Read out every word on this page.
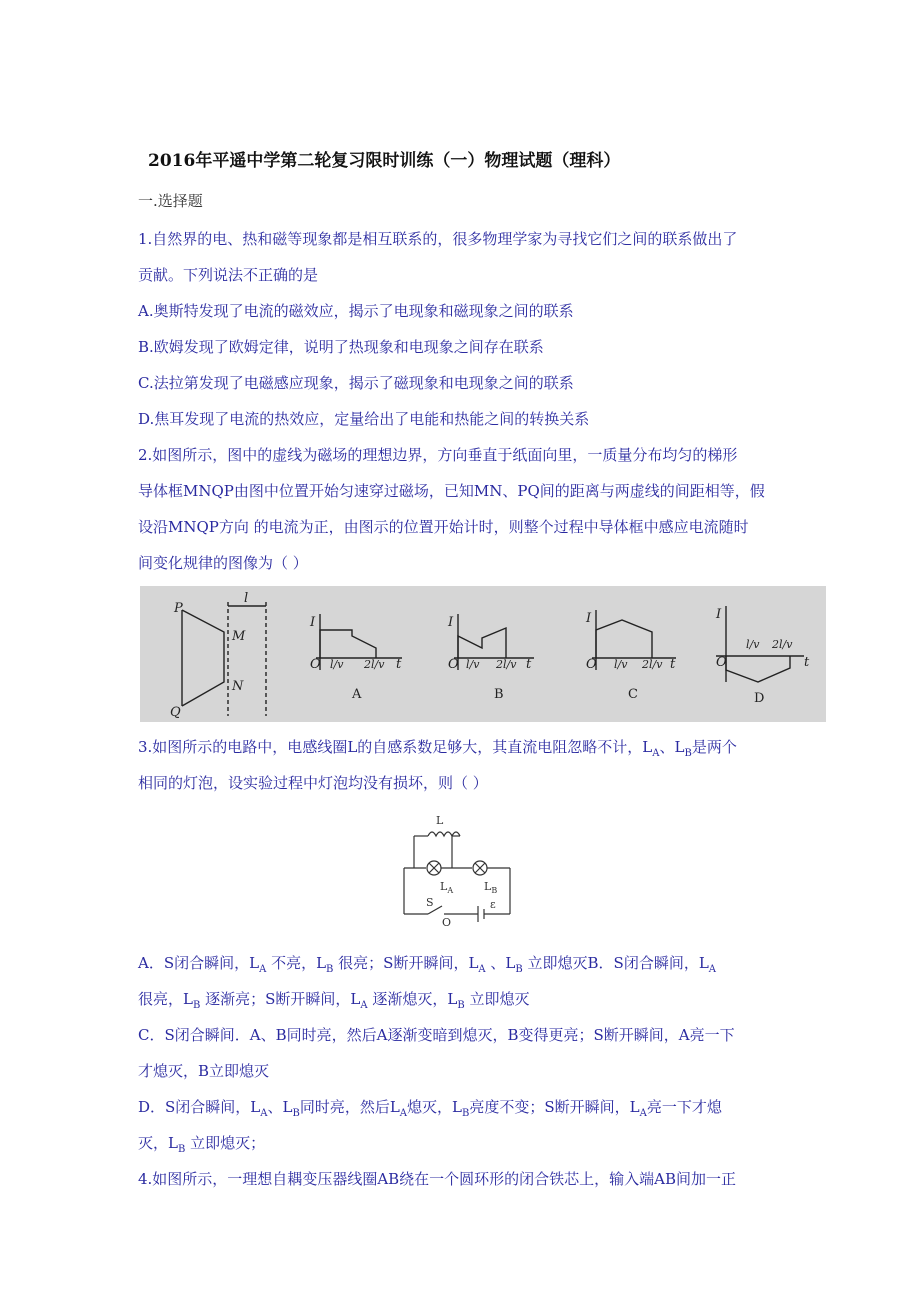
2016年平遥中学第二轮复习限时训练（一）物理试题（理科）
一.选择题
1.自然界的电、热和磁等现象都是相互联系的，很多物理学家为寻找它们之间的联系做出了
贡献。下列说法不正确的是
A.奥斯特发现了电流的磁效应，揭示了电现象和磁现象之间的联系
B.欧姆发现了欧姆定律，说明了热现象和电现象之间存在联系
C.法拉第发现了电磁感应现象，揭示了磁现象和电现象之间的联系
D.焦耳发现了电流的热效应，定量给出了电能和热能之间的转换关系
2.如图所示，图中的虚线为磁场的理想边界，方向垂直于纸面向里，一质量分布均匀的梯形
导体框MNQP由图中位置开始匀速穿过磁场，已知MN、PQ间的距离与两虚线的间距相等，假
设沿MNQP方向 的电流为正，由图示的位置开始计时，则整个过程中导体框中感应电流随时
间变化规律的图像为（ ）
P
Q
M
N
l
I
O l/v 2l/v t
A
I
O l/v 2l/v t
B
I
O l/v 2l/v t
C
I
O
l/v 2l/v
t
D
3.如图所示的电路中，电感线圈L的自感系数足够大，其直流电阻忽略不计，$L_A$、$L_B$是两个
相同的灯泡，设实验过程中灯泡均没有损坏，则（ ）
L
$L_A$	$L_B$
S
O
ε
A．S闭合瞬间，$L_A$ 不亮，$L_B$ 很亮；S断开瞬间，$L_A$ 、$L_B$ 立即熄灭B．S闭合瞬间，$L_A$
很亮，$L_B$ 逐渐亮；S断开瞬间，$L_A$ 逐渐熄灭，$L_B$ 立即熄灭
C．S闭合瞬间．A、B同时亮，然后A逐渐变暗到熄灭，B变得更亮；S断开瞬间，A亮一下
才熄灭，B立即熄灭
D．S闭合瞬间，$L_A$、$L_B$同时亮，然后$L_A$熄灭，$L_B$亮度不变；S断开瞬间，$L_A$亮一下才熄
灭，$L_B$ 立即熄灭；
4.如图所示，一理想自耦变压器线圈AB绕在一个圆环形的闭合铁芯上，输入端AB间加一正
